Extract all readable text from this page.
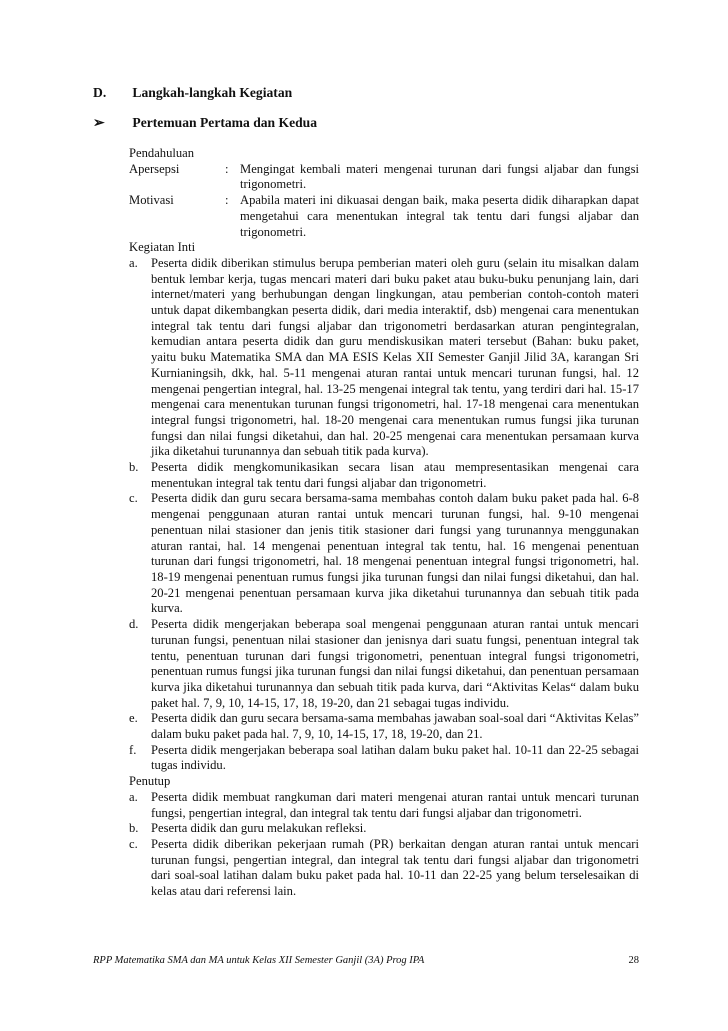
D. Langkah-langkah Kegiatan
➢ Pertemuan Pertama dan Kedua
Pendahuluan
Apersepsi	: Mengingat kembali materi mengenai turunan dari fungsi aljabar dan fungsi trigonometri.
Motivasi	: Apabila materi ini dikuasai dengan baik, maka peserta didik diharapkan dapat mengetahui cara menentukan integral tak tentu dari fungsi aljabar dan trigonometri.
Kegiatan Inti
a.	Peserta didik diberikan stimulus berupa pemberian materi oleh guru (selain itu misalkan dalam bentuk lembar kerja, tugas mencari materi dari buku paket atau buku-buku penunjang lain, dari internet/materi yang berhubungan dengan lingkungan, atau pemberian contoh-contoh materi untuk dapat dikembangkan peserta didik, dari media interaktif, dsb) mengenai cara menentukan integral tak tentu dari fungsi aljabar dan trigonometri berdasarkan aturan pengintegralan, kemudian antara peserta didik dan guru mendiskusikan materi tersebut (Bahan: buku paket, yaitu buku Matematika SMA dan MA ESIS Kelas XII Semester Ganjil Jilid 3A, karangan Sri Kurnianingsih, dkk, hal. 5-11 mengenai aturan rantai untuk mencari turunan fungsi, hal. 12 mengenai pengertian integral, hal. 13-25 mengenai integral tak tentu, yang terdiri dari hal. 15-17 mengenai cara menentukan turunan fungsi trigonometri, hal. 17-18 mengenai cara menentukan integral fungsi trigonometri, hal. 18-20 mengenai cara menentukan rumus fungsi jika turunan fungsi dan nilai fungsi diketahui, dan hal. 20-25 mengenai cara menentukan persamaan kurva jika diketahui turunannya dan sebuah titik pada kurva).
b. Peserta didik mengkomunikasikan secara lisan atau mempresentasikan mengenai cara menentukan integral tak tentu dari fungsi aljabar dan trigonometri.
c.	Peserta didik dan guru secara bersama-sama membahas contoh dalam buku paket pada hal. 6-8 mengenai penggunaan aturan rantai untuk mencari turunan fungsi, hal. 9-10 mengenai penentuan nilai stasioner dan jenis titik stasioner dari fungsi yang turunannya menggunakan aturan rantai, hal. 14 mengenai penentuan integral tak tentu, hal. 16 mengenai penentuan turunan dari fungsi trigonometri, hal. 18 mengenai penentuan integral fungsi trigonometri, hal. 18-19 mengenai penentuan rumus fungsi jika turunan fungsi dan nilai fungsi diketahui, dan hal. 20-21 mengenai penentuan persamaan kurva jika diketahui turunannya dan sebuah titik pada kurva.
d. Peserta didik mengerjakan beberapa soal mengenai penggunaan aturan rantai untuk mencari turunan fungsi, penentuan nilai stasioner dan jenisnya dari suatu fungsi, penentuan integral tak tentu, penentuan turunan dari fungsi trigonometri, penentuan integral fungsi trigonometri, penentuan rumus fungsi jika turunan fungsi dan nilai fungsi diketahui, dan penentuan persamaan kurva jika diketahui turunannya dan sebuah titik pada kurva, dari “Aktivitas Kelas“ dalam buku paket hal. 7, 9, 10, 14-15, 17, 18, 19-20, dan 21 sebagai tugas individu.
e.	Peserta didik dan guru secara bersama-sama membahas jawaban soal-soal dari “Aktivitas Kelas” dalam buku paket pada hal. 7, 9, 10, 14-15, 17, 18, 19-20, dan 21.
f.	Peserta didik mengerjakan beberapa soal latihan dalam buku paket hal. 10-11 dan 22-25 sebagai tugas individu.
Penutup
a.	Peserta didik membuat rangkuman dari materi mengenai aturan rantai untuk mencari turunan fungsi, pengertian integral, dan integral tak tentu dari fungsi aljabar dan trigonometri.
b. Peserta didik dan guru melakukan refleksi.
c.	Peserta didik diberikan pekerjaan rumah (PR) berkaitan dengan aturan rantai untuk mencari turunan fungsi, pengertian integral, dan integral tak tentu dari fungsi aljabar dan trigonometri dari soal-soal latihan dalam buku paket pada hal. 10-11 dan 22-25 yang belum terselesaikan di kelas atau dari referensi lain.
RPP Matematika SMA dan MA untuk Kelas XII Semester Ganjil (3A) Prog IPA	28
